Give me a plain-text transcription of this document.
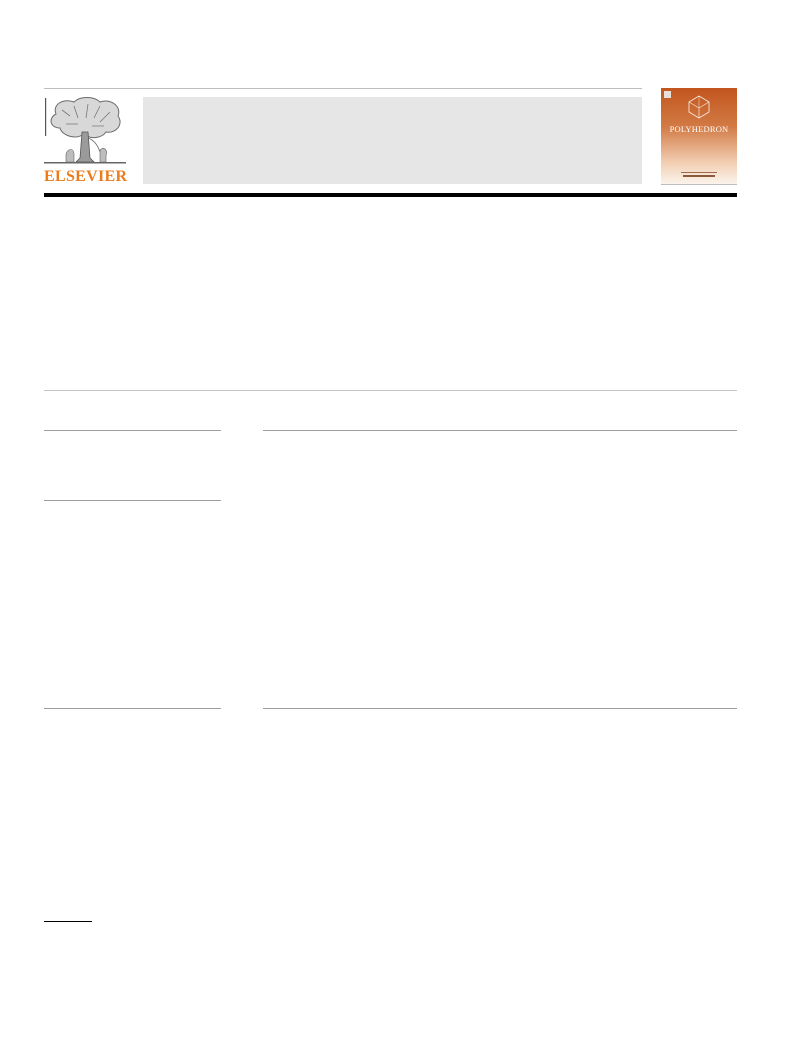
ELSEVIER
POLYHEDRON
